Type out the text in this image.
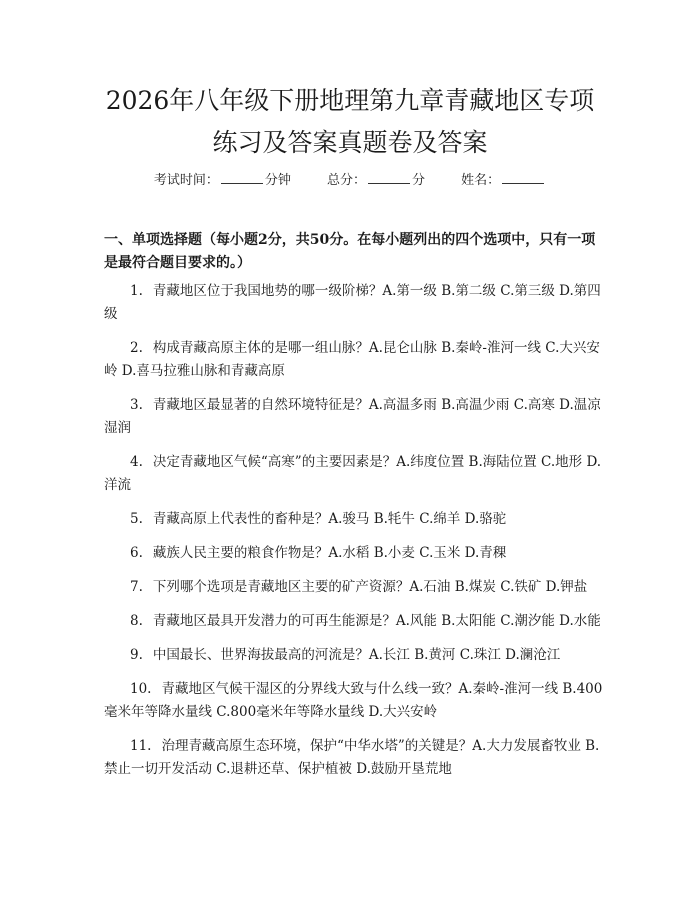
2026年八年级下册地理第九章青藏地区专项
练习及答案真题卷及答案
考试时间：	分钟	总分：	分	姓名：

一、单项选择题（每小题2分，共50分。在每小题列出的四个选项中，只有一项是最符合题目要求的。）

1. 青藏地区位于我国地势的哪一级阶梯？A.第一级 B.第二级 C.第三级 D.第四级
2. 构成青藏高原主体的是哪一组山脉？A.昆仑山脉 B.秦岭-淮河一线 C.大兴安岭 D.喜马拉雅山脉和青藏高原
3. 青藏地区最显著的自然环境特征是？A.高温多雨 B.高温少雨 C.高寒 D.温凉湿润
4. 决定青藏地区气候“高寒”的主要因素是？A.纬度位置 B.海陆位置 C.地形 D.洋流
5. 青藏高原上代表性的畜种是？A.骏马 B.牦牛 C.绵羊 D.骆驼
6. 藏族人民主要的粮食作物是？A.水稻 B.小麦 C.玉米 D.青稞
7. 下列哪个选项是青藏地区主要的矿产资源？A.石油 B.煤炭 C.铁矿 D.钾盐
8. 青藏地区最具开发潜力的可再生能源是？A.风能 B.太阳能 C.潮汐能 D.水能
9. 中国最长、世界海拔最高的河流是？A.长江 B.黄河 C.珠江 D.澜沧江
10. 青藏地区气候干湿区的分界线大致与什么线一致？A.秦岭-淮河一线 B.400毫米年等降水量线 C.800毫米年等降水量线 D.大兴安岭
11. 治理青藏高原生态环境，保护“中华水塔”的关键是？A.大力发展畜牧业 B.禁止一切开发活动 C.退耕还草、保护植被 D.鼓励开垦荒地
